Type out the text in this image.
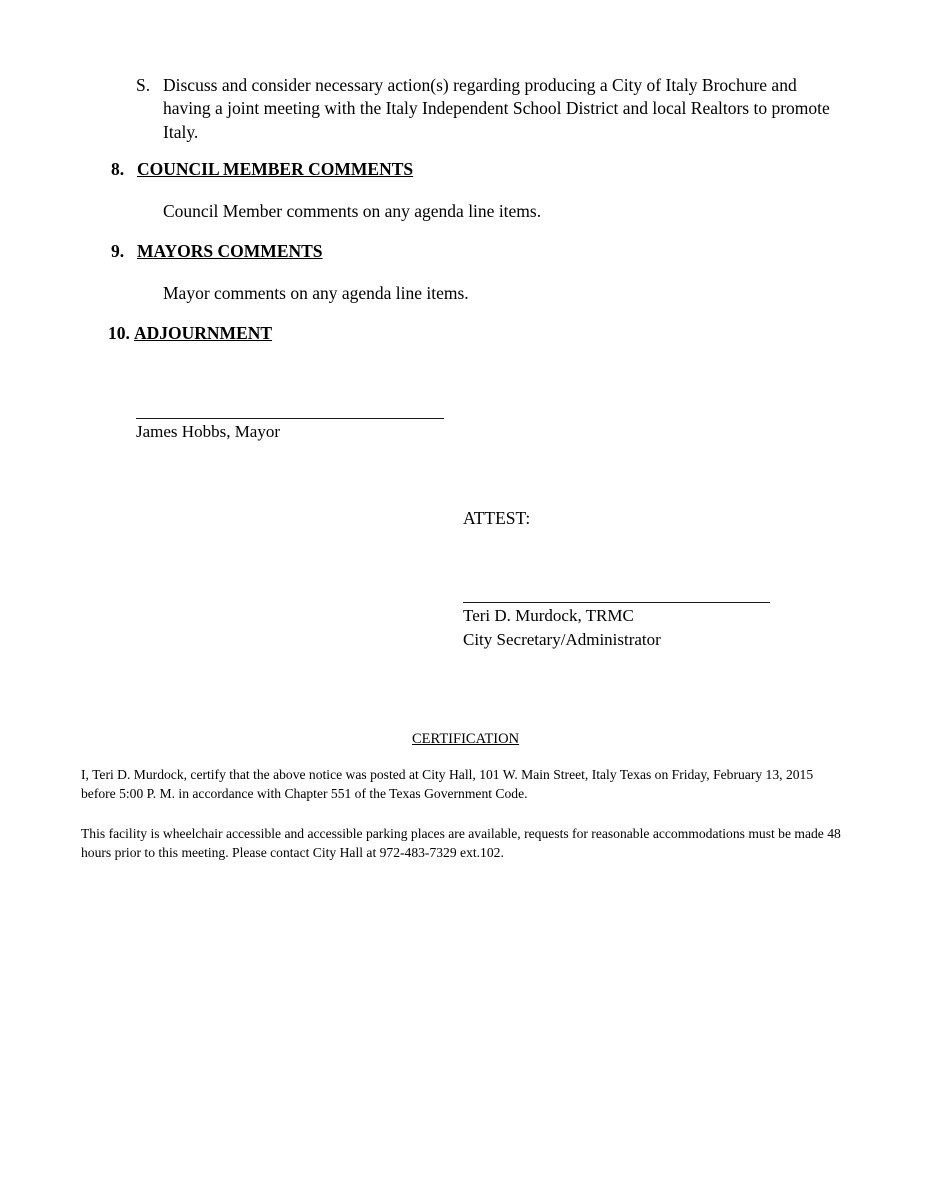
S. Discuss and consider necessary action(s) regarding producing a City of Italy Brochure and having a joint meeting with the Italy Independent School District and local Realtors to promote Italy.
8. COUNCIL MEMBER COMMENTS
Council Member comments on any agenda line items.
9. MAYORS COMMENTS
Mayor comments on any agenda line items.
10. ADJOURNMENT
James Hobbs, Mayor
ATTEST:
Teri D. Murdock, TRMC
City Secretary/Administrator
CERTIFICATION
I, Teri D. Murdock, certify that the above notice was posted at City Hall, 101 W. Main Street, Italy Texas on Friday, February 13, 2015 before 5:00 P. M. in accordance with Chapter 551 of the Texas Government Code.
This facility is wheelchair accessible and accessible parking places are available, requests for reasonable accommodations must be made 48 hours prior to this meeting. Please contact City Hall at 972-483-7329 ext.102.
